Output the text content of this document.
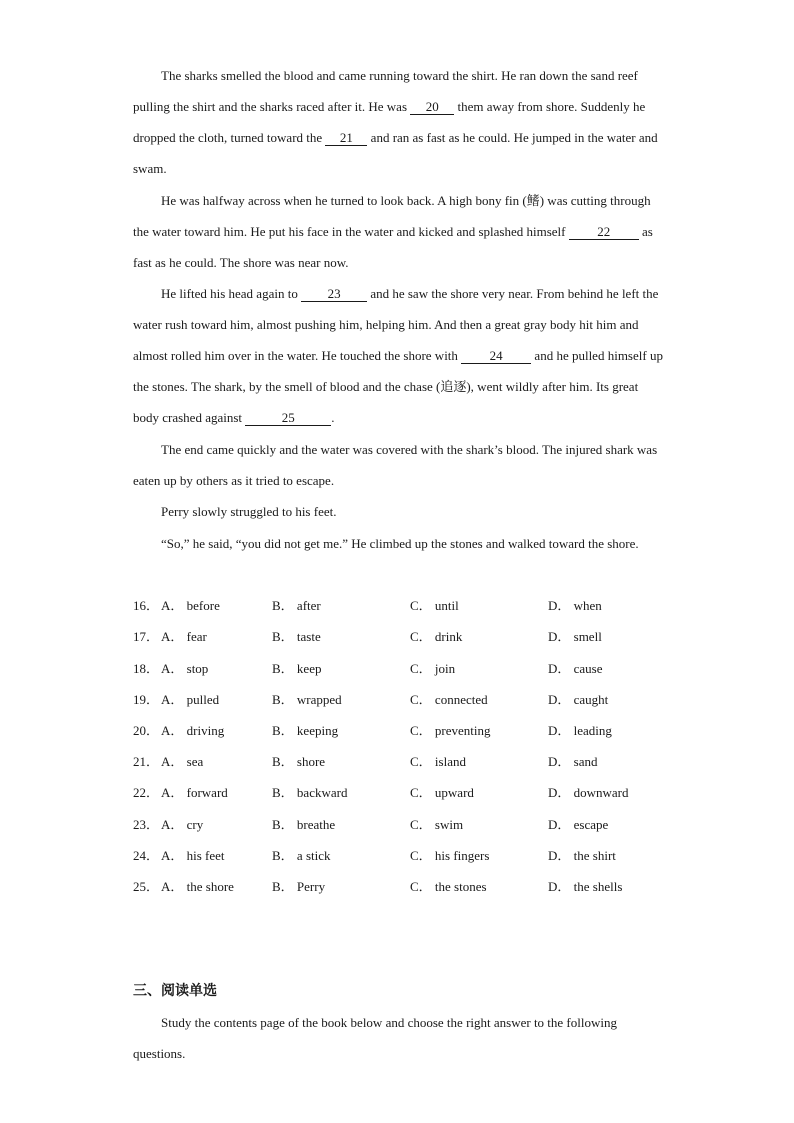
The sharks smelled the blood and came running toward the shirt. He ran down the sand reef pulling the shirt and the sharks raced after it. He was 20 them away from shore. Suddenly he dropped the cloth, turned toward the 21 and ran as fast as he could. He jumped in the water and swam.

He was halfway across when he turned to look back. A high bony fin (鳍) was cutting through the water toward him. He put his face in the water and kicked and splashed himself 22 as fast as he could. The shore was near now.

He lifted his head again to 23 and he saw the shore very near. From behind he left the water rush toward him, almost pushing him, helping him. And then a great gray body hit him and almost rolled him over in the water. He touched the shore with 24 and he pulled himself up the stones. The shark, by the smell of blood and the chase (追逐), went wildly after him. Its great body crashed against	25	.

The end came quickly and the water was covered with the shark’s blood. The injured shark was eaten up by others as it tried to escape.

Perry slowly struggled to his feet.

“So,” he said, “you did not get me.” He climbed up the stones and walked toward the shore.

16． A． before	B． after	C． until	D． when
17． A． fear	B． taste	C． drink	D． smell
18． A． stop	B． keep	C． join	D． cause
19． A． pulled	B． wrapped	C． connected	D． caught
20． A． driving	B． keeping	C． preventing	D． leading
21． A． sea	B． shore	C． island	D． sand
22． A． forward	B． backward	C． upward	D． downward
23． A． cry	B． breathe	C． swim	D． escape
24． A． his feet	B． a stick	C． his fingers	D． the shirt
25． A． the shore	B． Perry	C． the stones	D． the shells
三、阅读单选

Study the contents page of the book below and choose the right answer to the following questions.
